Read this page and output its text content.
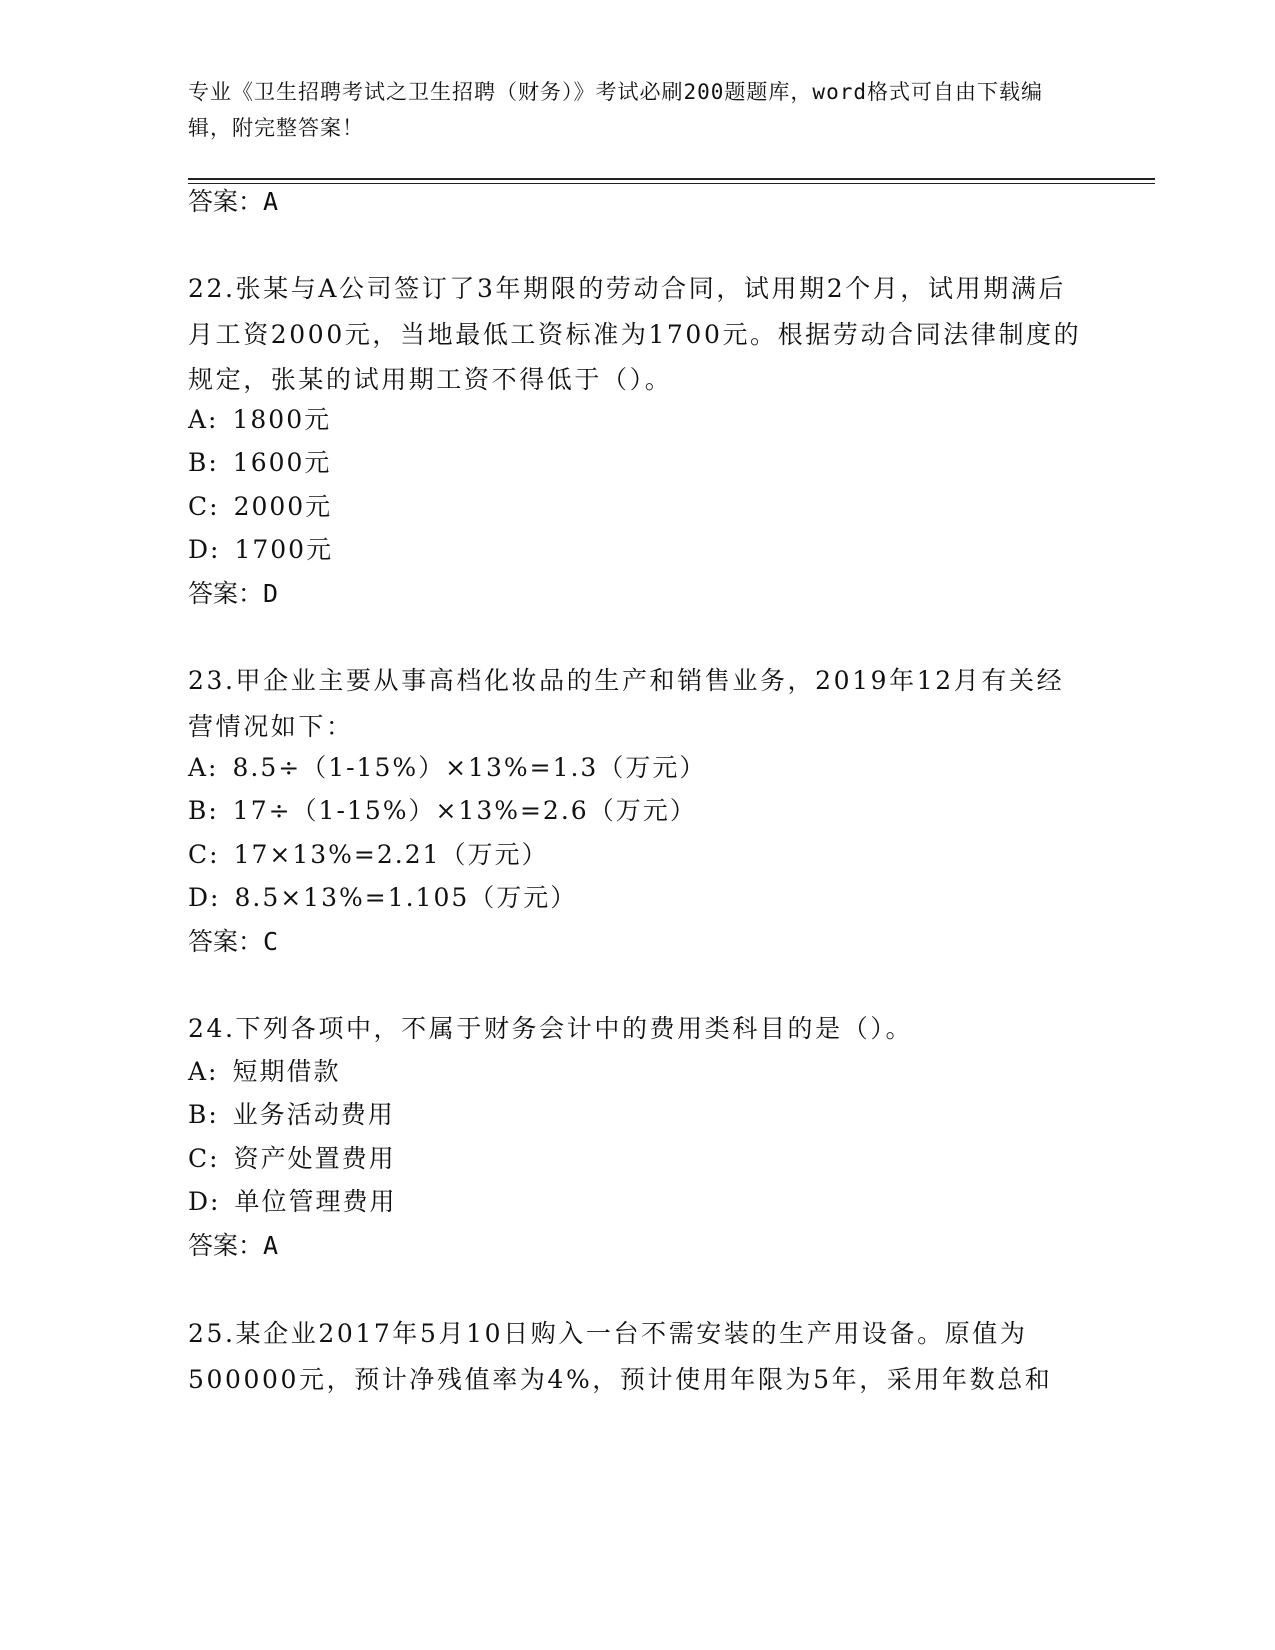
专业《卫生招聘考试之卫生招聘（财务）》考试必刷200题题库，word格式可自由下载编辑，附完整答案！
答案：A
22.张某与A公司签订了3年期限的劳动合同，试用期2个月，试用期满后月工资2000元，当地最低工资标准为1700元。根据劳动合同法律制度的规定，张某的试用期工资不得低于（）。
A: 1800元
B: 1600元
C: 2000元
D: 1700元
答案：D
23.甲企业主要从事高档化妆品的生产和销售业务，2019年12月有关经营情况如下：
A: 8.5÷（1-15%）×13%=1.3（万元）
B: 17÷（1-15%）×13%=2.6（万元）
C: 17×13%=2.21（万元）
D: 8.5×13%=1.105（万元）
答案：C
24.下列各项中，不属于财务会计中的费用类科目的是（）。
A: 短期借款
B: 业务活动费用
C: 资产处置费用
D: 单位管理费用
答案：A
25.某企业2017年5月10日购入一台不需安装的生产用设备。原值为500000元，预计净残值率为4%，预计使用年限为5年，采用年数总和
